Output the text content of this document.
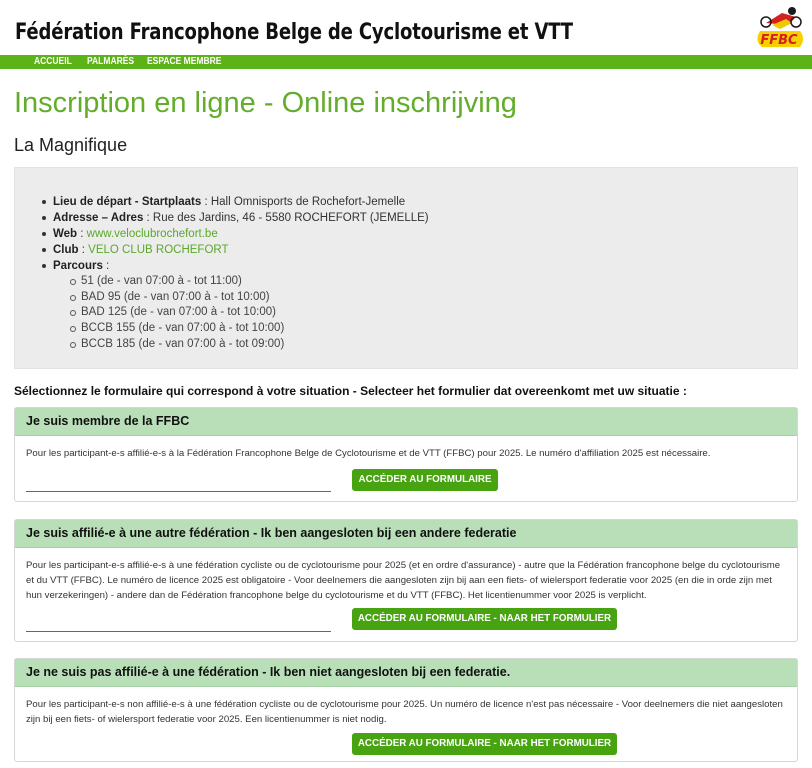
Fédération Francophone Belge de Cyclotourisme et VTT	FFBC
ACCUEIL PALMARÈS ESPACE MEMBRE
Inscription en ligne - Online inschrijving
La Magnifique
Lieu de départ - Startplaats : Hall Omnisports de Rochefort-Jemelle
Adresse – Adres : Rue des Jardins, 46 - 5580 ROCHEFORT (JEMELLE)
Web : www.veloclubrochefort.be
Club : VELO CLUB ROCHEFORT
Parcours :
51 (de - van 07:00 à - tot 11:00)
BAD 95 (de - van 07:00 à - tot 10:00)
BAD 125 (de - van 07:00 à - tot 10:00)
BCCB 155 (de - van 07:00 à - tot 10:00)
BCCB 185 (de - van 07:00 à - tot 09:00)
Sélectionnez le formulaire qui correspond à votre situation - Selecteer het formulier dat overeenkomt met uw situatie :
Je suis membre de la FFBC
Pour les participant-e-s affilié-e-s à la Fédération Francophone Belge de Cyclotourisme et de VTT (FFBC) pour 2025. Le numéro d'affiliation 2025 est nécessaire.
ACCÉDER AU FORMULAIRE
Je suis affilié-e à une autre fédération - Ik ben aangesloten bij een andere federatie
Pour les participant-e-s affilié-e-s à une fédération cycliste ou de cyclotourisme pour 2025 (et en ordre d'assurance) - autre que la Fédération francophone belge du cyclotourisme et du VTT (FFBC). Le numéro de licence 2025 est obligatoire - Voor deelnemers die aangesloten zijn bij aan een fiets- of wielersport federatie voor 2025 (en die in orde zijn met hun verzekeringen) - andere dan de Fédération francophone belge du cyclotourisme et du VTT (FFBC). Het licentienummer voor 2025 is verplicht.
ACCÉDER AU FORMULAIRE - NAAR HET FORMULIER
Je ne suis pas affilié-e à une fédération - Ik ben niet aangesloten bij een federatie.
Pour les participant-e-s non affilié-e-s à une fédération cycliste ou de cyclotourisme pour 2025. Un numéro de licence n'est pas nécessaire - Voor deelnemers die niet aangesloten zijn bij een fiets- of wielersport federatie voor 2025. Een licentienummer is niet nodig.
ACCÉDER AU FORMULAIRE - NAAR HET FORMULIER
